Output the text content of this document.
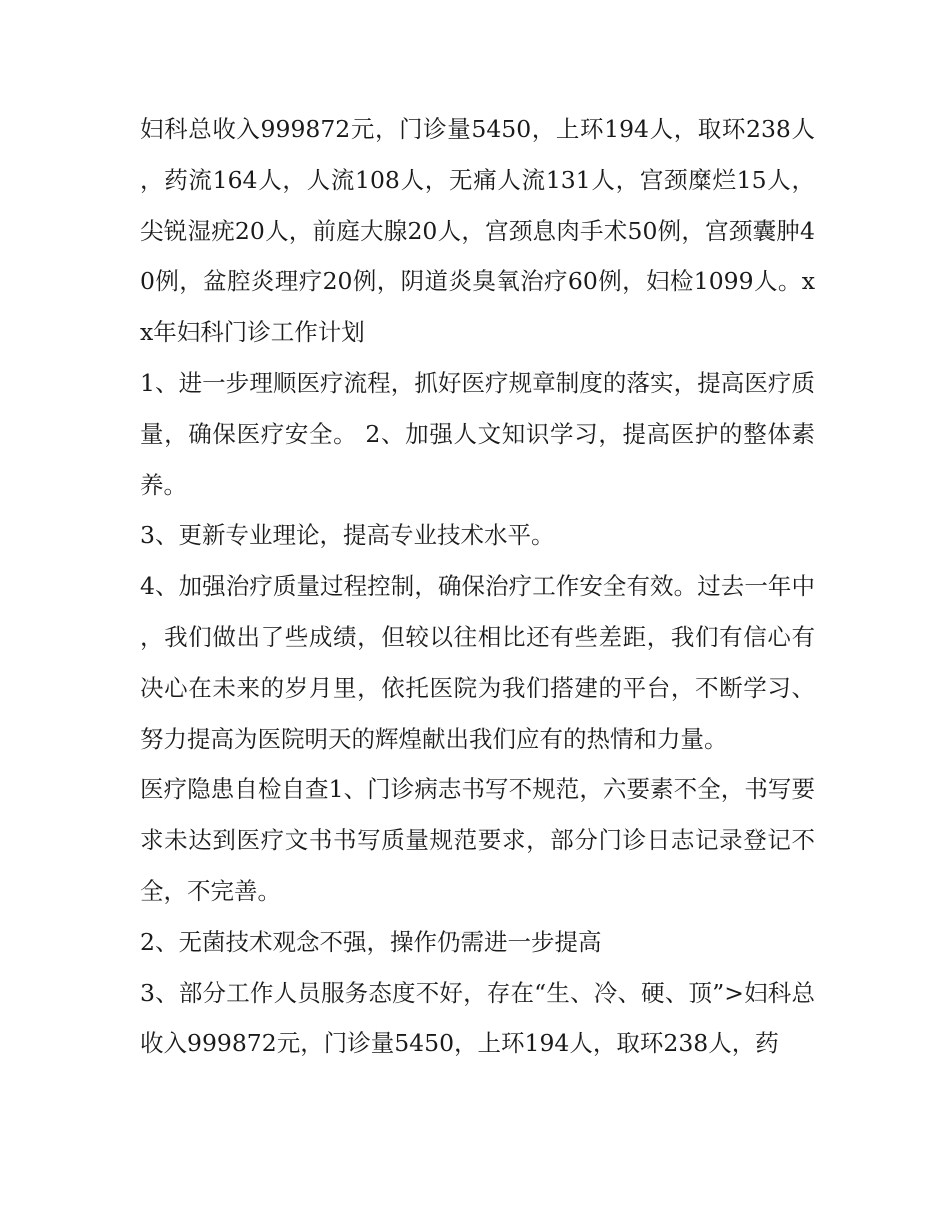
妇科总收入999872元，门诊量5450，上环194人，取环238人，药流164人，人流108人，无痛人流131人，宫颈糜烂15人，尖锐湿疣20人，前庭大腺20人，宫颈息肉手术50例，宫颈囊肿40例，盆腔炎理疗20例，阴道炎臭氧治疗60例，妇检1099人。xx年妇科门诊工作计划

1、进一步理顺医疗流程，抓好医疗规章制度的落实，提高医疗质量，确保医疗安全。 2、加强人文知识学习，提高医护的整体素养。

3、更新专业理论，提高专业技术水平。

4、加强治疗质量过程控制，确保治疗工作安全有效。过去一年中，我们做出了些成绩，但较以往相比还有些差距，我们有信心有决心在未来的岁月里，依托医院为我们搭建的平台，不断学习、努力提高为医院明天的辉煌献出我们应有的热情和力量。

医疗隐患自检自查1、门诊病志书写不规范，六要素不全，书写要求未达到医疗文书书写质量规范要求，部分门诊日志记录登记不全，不完善。

2、无菌技术观念不强，操作仍需进一步提高

3、部分工作人员服务态度不好，存在“生、冷、硬、顶”>妇科总收入999872元，门诊量5450，上环194人，取环238人，药
